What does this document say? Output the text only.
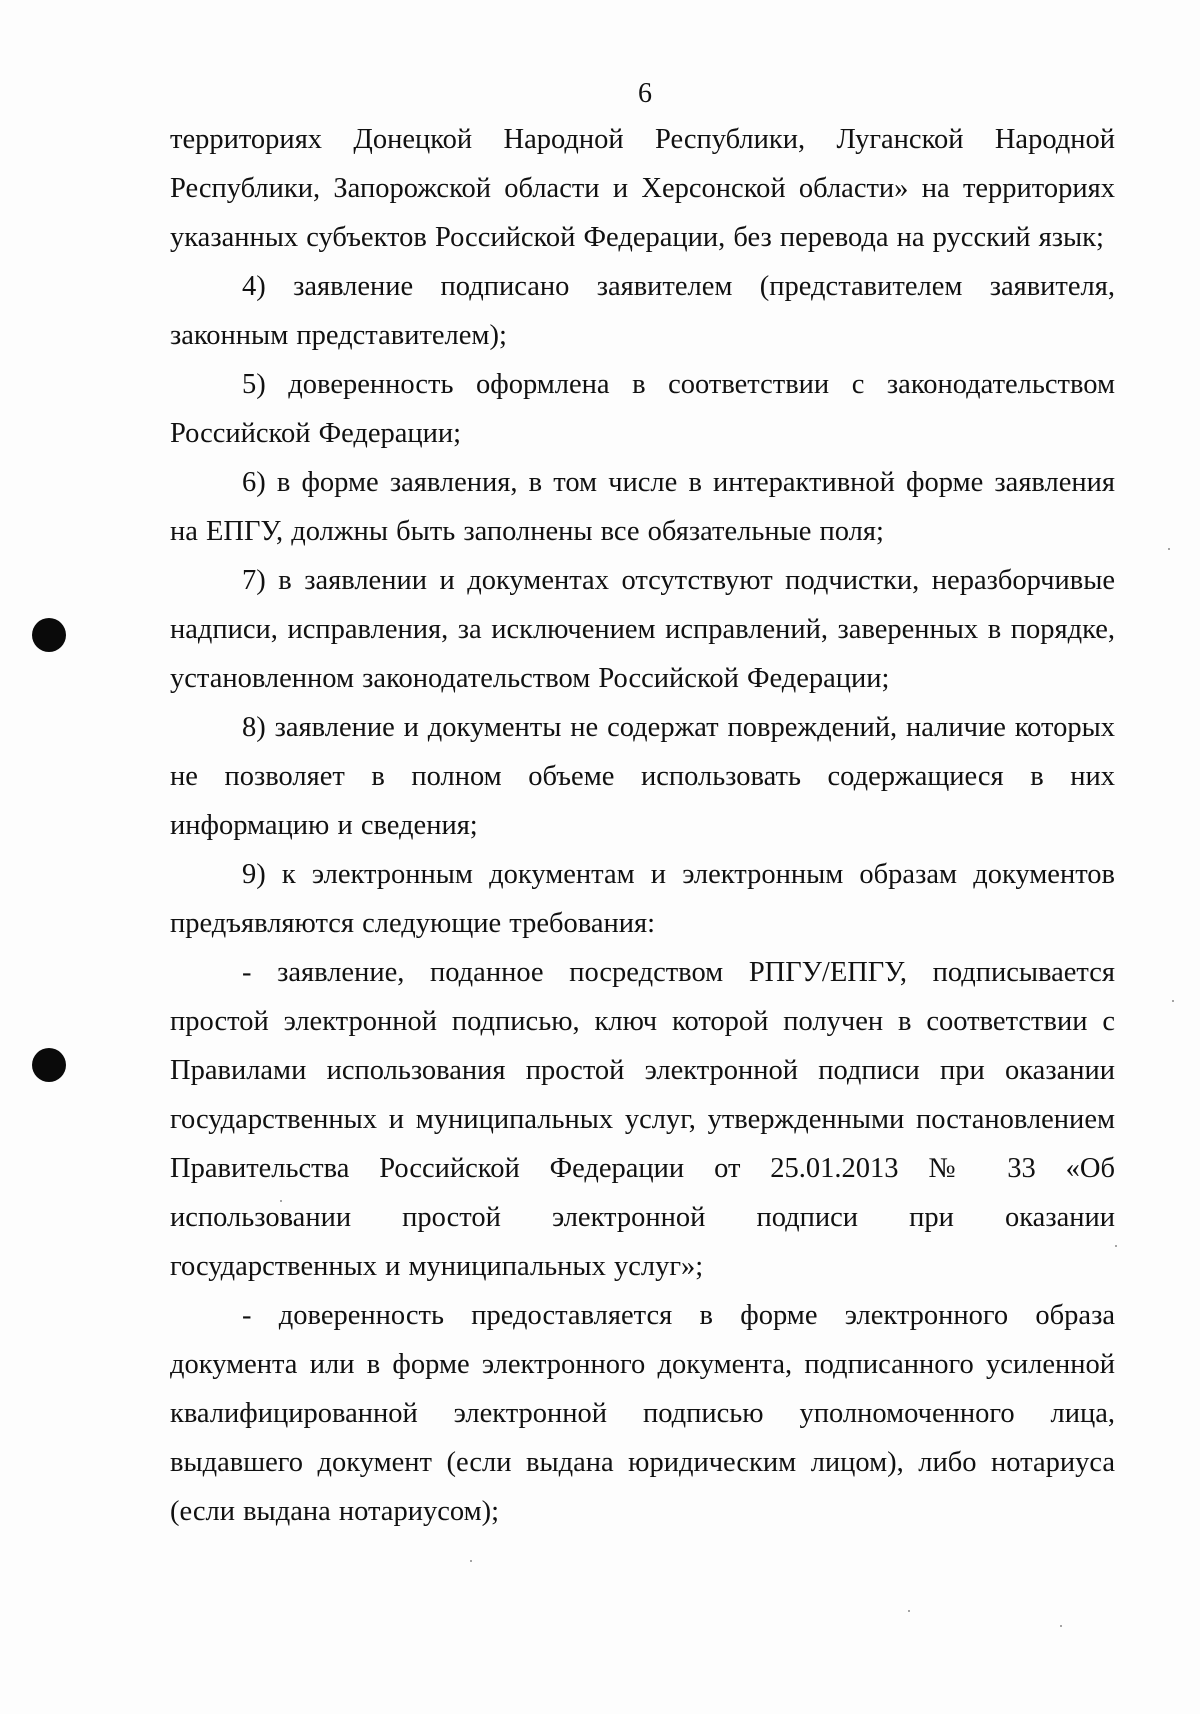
6

территориях Донецкой Народной Республики, Луганской Народной Республики, Запорожской области и Херсонской области» на территориях указанных субъектов Российской Федерации, без перевода на русский язык;

4) заявление подписано заявителем (представителем заявителя, законным представителем);

5) доверенность оформлена в соответствии с законодательством Российской Федерации;

6) в форме заявления, в том числе в интерактивной форме заявления на ЕПГУ, должны быть заполнены все обязательные поля;

7) в заявлении и документах отсутствуют подчистки, неразборчивые надписи, исправления, за исключением исправлений, заверенных в порядке, установленном законодательством Российской Федерации;

8) заявление и документы не содержат повреждений, наличие которых не позволяет в полном объеме использовать содержащиеся в них информацию и сведения;

9) к электронным документам и электронным образам документов предъявляются следующие требования:

- заявление, поданное посредством РПГУ/ЕПГУ, подписывается простой электронной подписью, ключ которой получен в соответствии с Правилами использования простой электронной подписи при оказании государственных и муниципальных услуг, утвержденными постановлением Правительства Российской Федерации от 25.01.2013 № 33 «Об использовании простой электронной подписи при оказании государственных и муниципальных услуг»;

- доверенность предоставляется в форме электронного образа документа или в форме электронного документа, подписанного усиленной квалифицированной электронной подписью уполномоченного лица, выдавшего документ (если выдана юридическим лицом), либо нотариуса (если выдана нотариусом);
